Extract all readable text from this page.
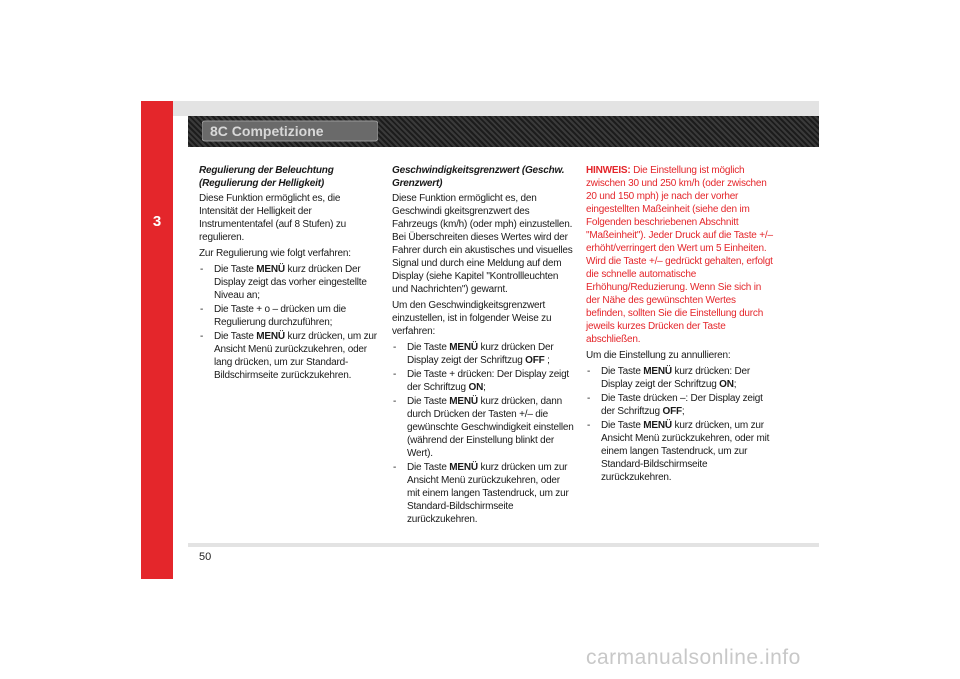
3
8C Competizione
Regulierung der Beleuchtung (Regulierung der Helligkeit)
Diese Funktion ermöglicht es, die Intensität der Helligkeit der Instrumententafel (auf 8 Stufen) zu regulieren.
Zur Regulierung wie folgt verfahren:
- Die Taste MENÜ kurz drücken Der Display zeigt das vorher eingestellte Niveau an;
- Die Taste + o – drücken um die Regulierung durchzuführen;
- Die Taste MENÜ kurz drücken, um zur Ansicht Menü zurückzukehren, oder lang drücken, um zur Standard-Bildschirmseite zurückzukehren.
Geschwindigkeitsgrenzwert (Geschw. Grenzwert)
Diese Funktion ermöglicht es, den Geschwindi gkeitsgrenzwert des Fahrzeugs (km/h) (oder mph) einzustellen. Bei Überschreiten dieses Wertes wird der Fahrer durch ein akustisches und visuelles Signal und durch eine Meldung auf dem Display (siehe Kapitel "Kontrollleuchten und Nachrichten") gewarnt.
Um den Geschwindigkeitsgrenzwert einzustellen, ist in folgender Weise zu verfahren:
- Die Taste MENÜ kurz drücken Der Display zeigt der Schriftzug OFF ;
- Die Taste + drücken: Der Display zeigt der Schriftzug ON;
- Die Taste MENÜ kurz drücken, dann durch Drücken der Tasten +/– die gewünschte Geschwindigkeit einstellen (während der Einstellung blinkt der Wert).
- Die Taste MENÜ kurz drücken um zur Ansicht Menü zurückzukehren, oder mit einem langen Tastendruck, um zur Standard-Bildschirmseite zurückzukehren.
HINWEIS: Die Einstellung ist möglich zwischen 30 und 250 km/h (oder zwischen 20 und 150 mph) je nach der vorher eingestellten Maßeinheit (siehe den im Folgenden beschriebenen Abschnitt "Maßeinheit"). Jeder Druck auf die Taste +/– erhöht/verringert den Wert um 5 Einheiten. Wird die Taste +/– gedrückt gehalten, erfolgt die schnelle automatische Erhöhung/Reduzierung. Wenn Sie sich in der Nähe des gewünschten Wertes befinden, sollten Sie die Einstellung durch jeweils kurzes Drücken der Taste abschließen.
Um die Einstellung zu annullieren:
- Die Taste MENÜ kurz drücken: Der Display zeigt der Schriftzug ON;
- Die Taste drücken –: Der Display zeigt der Schriftzug OFF;
- Die Taste MENÜ kurz drücken, um zur Ansicht Menü zurückzukehren, oder mit einem langen Tastendruck, um zur Standard-Bildschirmseite zurückzukehren.
50
carmanualsonline.info
